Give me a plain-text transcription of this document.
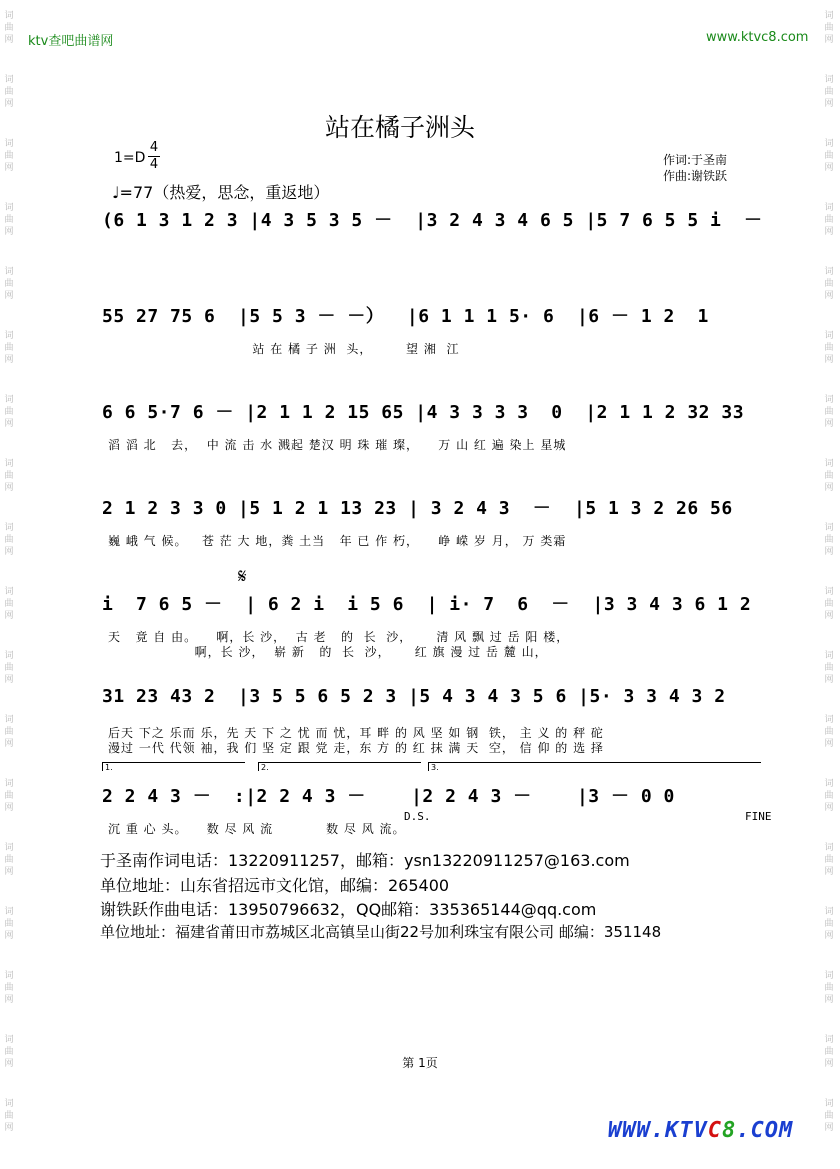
词曲网
词曲网
词曲网
词曲网
词曲网
词曲网
词曲网
词曲网
词曲网
词曲网
词曲网
词曲网
词曲网
词曲网
词曲网
词曲网
词曲网
词曲网
词曲网
词曲网
词曲网
词曲网
词曲网
词曲网
词曲网
词曲网
词曲网
词曲网
词曲网
词曲网
词曲网
词曲网
词曲网
词曲网
词曲网
词曲网
ktv查吧曲谱网	www.ktvc8.com
站在橘子洲头
$1=D \frac{4}{4}$
♩=77（热爱，思念，重返地）
作词:于圣南
作曲:谢铁跃
(6 1 3 1 2 3 |4 3 5 3 5 －  |3 2 4 3 4 6 5 |5 7 6 5 5 i  －
55 27 75 6  |5 5 3 － －）  |6 1 1 1 5· 6  |6 － 1 2  1
站 在 橘 子 洲  头，       望 湘  江
6 6 5·7 6 － |2 1 1 2 15 65 |4 3 3 3 3  0  |2 1 1 2 32 33
滔 滔 北   去，  中 流 击 水 溅起 楚汉 明 珠 璀 璨，    万 山 红 遍 染上 星城
2 1 2 3 3 0 |5 1 2 1 13 23 | 3 2 4 3  －  |5 1 3 2 26 56
巍 峨 气 候。   苍 茫 大 地，粪 土当   年 已 作 朽，    峥 嵘 岁 月， 万 类霜
𝄋
i  7 6 5 －  | 6 2 i  i 5 6  | i· 7  6  －  |3 3 4 3 6 1 2
天   竟 自 由。    啊，长 沙，  古 老   的  长  沙，     清 风 飘 过 岳 阳 楼，
啊，长 沙，  崭 新   的  长  沙，     红 旗 漫 过 岳 麓 山，
31 23 43 2  |3 5 5 6 5 2 3 |5 4 3 4 3 5 6 |5· 3 3 4 3 2
后天 下之 乐而 乐，先 天 下 之 忧 而 忧，耳 畔 的 风 坚 如 钢  铁， 主 义 的 秤 砣
漫过 一代 代领 袖，我 们 坚 定 跟 党 走，东 方 的 红 抹 满 天  空， 信 仰 的 选 择
1.	2.	3.
2 2 4 3 －  :|2 2 4 3 －    |2 2 4 3 －    |3 － 0 0
沉 重 心 头。    数 尽 风 流           数 尽 风 流。
D.S.	FINE
于圣南作词电话：13220911257，邮箱：ysn13220911257@163.com
单位地址：山东省招远市文化馆，邮编：265400
谢铁跃作曲电话：13950796632，QQ邮箱：335365144@qq.com
单位地址：福建省莆田市荔城区北高镇呈山街22号加利珠宝有限公司 邮编：351148
第 1页
WWW.KTVC8.COM
